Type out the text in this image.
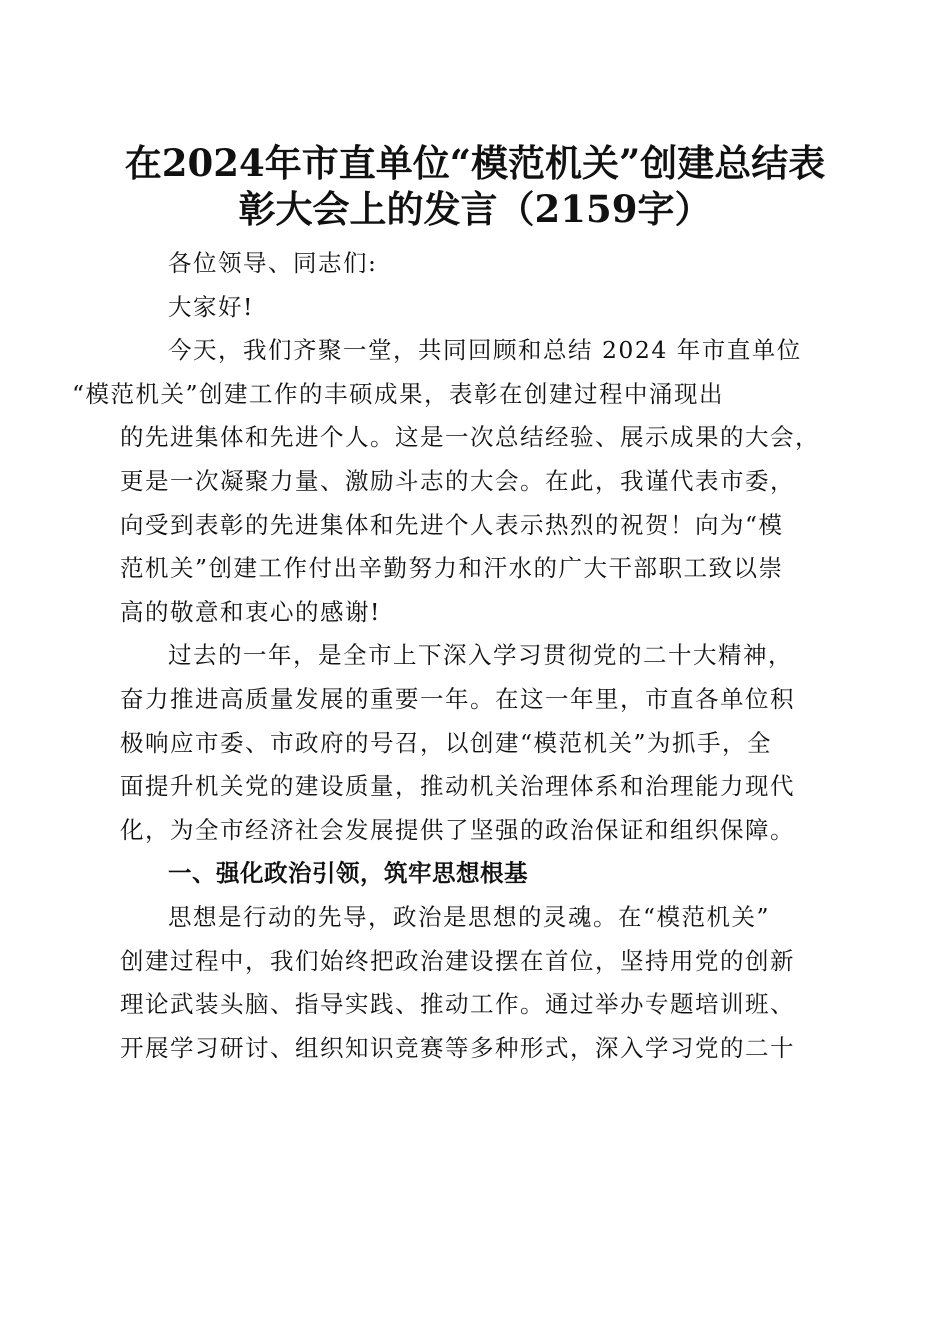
在2024年市直单位“模范机关”创建总结表
彰大会上的发言（2159字）

各位领导、同志们:

大家好!

今天，我们齐聚一堂，共同回顾和总结 2024 年市直单位
“模范机关”创建工作的丰硕成果，表彰在创建过程中涌现出
的先进集体和先进个人。这是一次总结经验、展示成果的大会，
更是一次凝聚力量、激励斗志的大会。在此，我谨代表市委，
向受到表彰的先进集体和先进个人表示热烈的祝贺！向为“模
范机关”创建工作付出辛勤努力和汗水的广大干部职工致以崇
高的敬意和衷心的感谢!

过去的一年，是全市上下深入学习贯彻党的二十大精神，
奋力推进高质量发展的重要一年。在这一年里，市直各单位积
极响应市委、市政府的号召，以创建“模范机关”为抓手，全
面提升机关党的建设质量，推动机关治理体系和治理能力现代
化，为全市经济社会发展提供了坚强的政治保证和组织保障。

一、强化政治引领，筑牢思想根基

思想是行动的先导，政治是思想的灵魂。在“模范机关”
创建过程中，我们始终把政治建设摆在首位，坚持用党的创新
理论武装头脑、指导实践、推动工作。通过举办专题培训班、
开展学习研讨、组织知识竞赛等多种形式，深入学习党的二十
